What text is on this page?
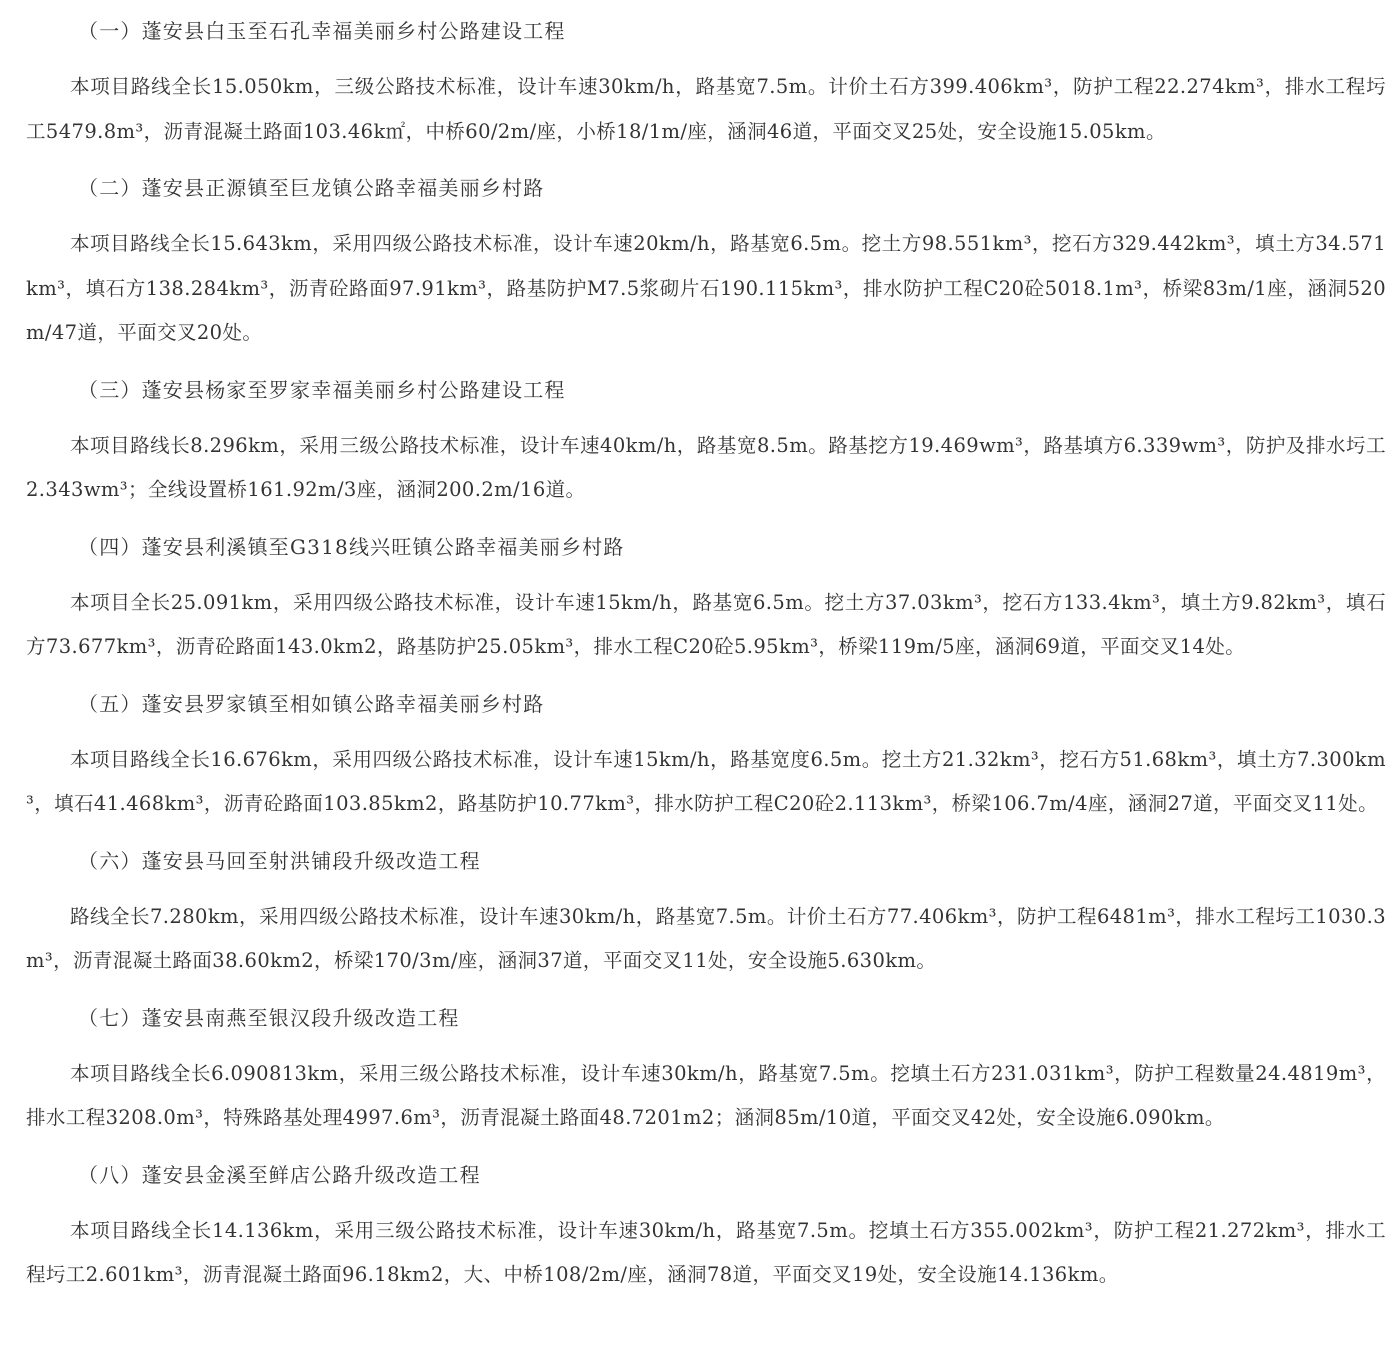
（一）蓬安县白玉至石孔幸福美丽乡村公路建设工程

本项目路线全长15.050km，三级公路技术标准，设计车速30km/h，路基宽7.5m。计价土石方399.406km³，防护工程22.274km³，排水工程圬工5479.8m³，沥青混凝土路面103.46k㎡，中桥60/2m/座，小桥18/1m/座，涵洞46道，平面交叉25处，安全设施15.05km。

（二）蓬安县正源镇至巨龙镇公路幸福美丽乡村路

本项目路线全长15.643km，采用四级公路技术标准，设计车速20km/h，路基宽6.5m。挖土方98.551km³，挖石方329.442km³，填土方34.571km³，填石方138.284km³，沥青砼路面97.91km³，路基防护M7.5浆砌片石190.115km³，排水防护工程C20砼5018.1m³，桥梁83m/1座，涵洞520m/47道，平面交叉20处。

（三）蓬安县杨家至罗家幸福美丽乡村公路建设工程

本项目路线长8.296km，采用三级公路技术标准，设计车速40km/h，路基宽8.5m。路基挖方19.469wm³，路基填方6.339wm³，防护及排水圬工2.343wm³；全线设置桥161.92m/3座，涵洞200.2m/16道。

（四）蓬安县利溪镇至G318线兴旺镇公路幸福美丽乡村路

本项目全长25.091km，采用四级公路技术标准，设计车速15km/h，路基宽6.5m。挖土方37.03km³，挖石方133.4km³，填土方9.82km³，填石方73.677km³，沥青砼路面143.0km2，路基防护25.05km³，排水工程C20砼5.95km³，桥梁119m/5座，涵洞69道，平面交叉14处。

（五）蓬安县罗家镇至相如镇公路幸福美丽乡村路

本项目路线全长16.676km，采用四级公路技术标准，设计车速15km/h，路基宽度6.5m。挖土方21.32km³，挖石方51.68km³，填土方7.300km³，填石41.468km³，沥青砼路面103.85km2，路基防护10.77km³，排水防护工程C20砼2.113km³，桥梁106.7m/4座，涵洞27道，平面交叉11处。

（六）蓬安县马回至射洪铺段升级改造工程

路线全长7.280km，采用四级公路技术标准，设计车速30km/h，路基宽7.5m。计价土石方77.406km³，防护工程6481m³，排水工程圬工1030.3m³，沥青混凝土路面38.60km2，桥梁170/3m/座，涵洞37道，平面交叉11处，安全设施5.630km。

（七）蓬安县南燕至银汉段升级改造工程

本项目路线全长6.090813km，采用三级公路技术标准，设计车速30km/h，路基宽7.5m。挖填土石方231.031km³，防护工程数量24.4819m³，排水工程3208.0m³，特殊路基处理4997.6m³，沥青混凝土路面48.7201m2；涵洞85m/10道，平面交叉42处，安全设施6.090km。

（八）蓬安县金溪至鲜店公路升级改造工程

本项目路线全长14.136km，采用三级公路技术标准，设计车速30km/h，路基宽7.5m。挖填土石方355.002km³，防护工程21.272km³，排水工程圬工2.601km³，沥青混凝土路面96.18km2，大、中桥108/2m/座，涵洞78道，平面交叉19处，安全设施14.136km。
